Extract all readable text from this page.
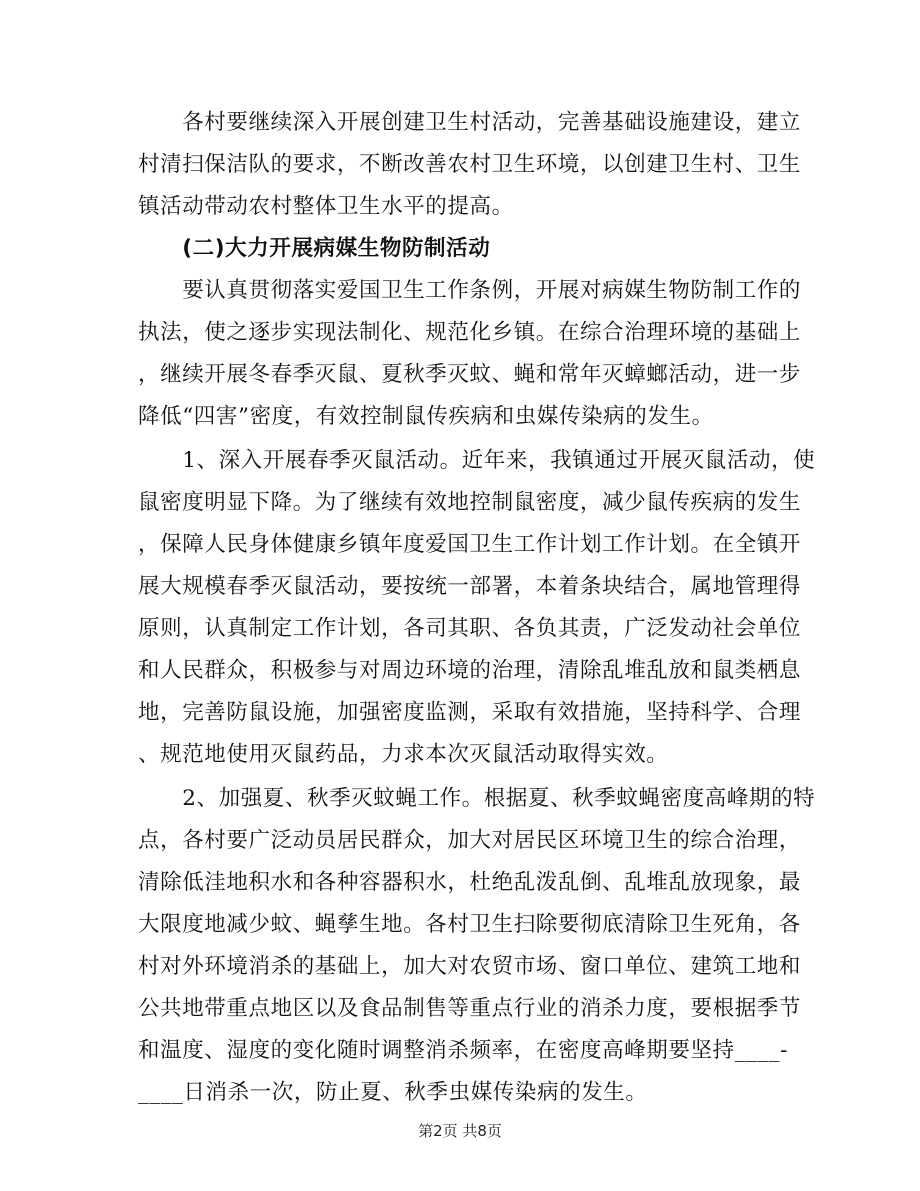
　　各村要继续深入开展创建卫生村活动，完善基础设施建设，建立
村清扫保洁队的要求，不断改善农村卫生环境，以创建卫生村、卫生
镇活动带动农村整体卫生水平的提高。
　　(二)大力开展病媒生物防制活动
　　要认真贯彻落实爱国卫生工作条例，开展对病媒生物防制工作的
执法，使之逐步实现法制化、规范化乡镇。在综合治理环境的基础上
，继续开展冬春季灭鼠、夏秋季灭蚊、蝇和常年灭蟑螂活动，进一步
降低“四害”密度，有效控制鼠传疾病和虫媒传染病的发生。
　　1、深入开展春季灭鼠活动。近年来，我镇通过开展灭鼠活动，使
鼠密度明显下降。为了继续有效地控制鼠密度，减少鼠传疾病的发生
，保障人民身体健康乡镇年度爱国卫生工作计划工作计划。在全镇开
展大规模春季灭鼠活动，要按统一部署，本着条块结合，属地管理得
原则，认真制定工作计划，各司其职、各负其责，广泛发动社会单位
和人民群众，积极参与对周边环境的治理，清除乱堆乱放和鼠类栖息
地，完善防鼠设施，加强密度监测，采取有效措施，坚持科学、合理
、规范地使用灭鼠药品，力求本次灭鼠活动取得实效。
　　2、加强夏、秋季灭蚊蝇工作。根据夏、秋季蚊蝇密度高峰期的特
点，各村要广泛动员居民群众，加大对居民区环境卫生的综合治理，
清除低洼地积水和各种容器积水，杜绝乱泼乱倒、乱堆乱放现象，最
大限度地减少蚊、蝇孳生地。各村卫生扫除要彻底清除卫生死角，各
村对外环境消杀的基础上，加大对农贸市场、窗口单位、建筑工地和
公共地带重点地区以及食品制售等重点行业的消杀力度，要根据季节
和温度、湿度的变化随时调整消杀频率，在密度高峰期要坚持____-
____日消杀一次，防止夏、秋季虫媒传染病的发生。
第2页 共8页
